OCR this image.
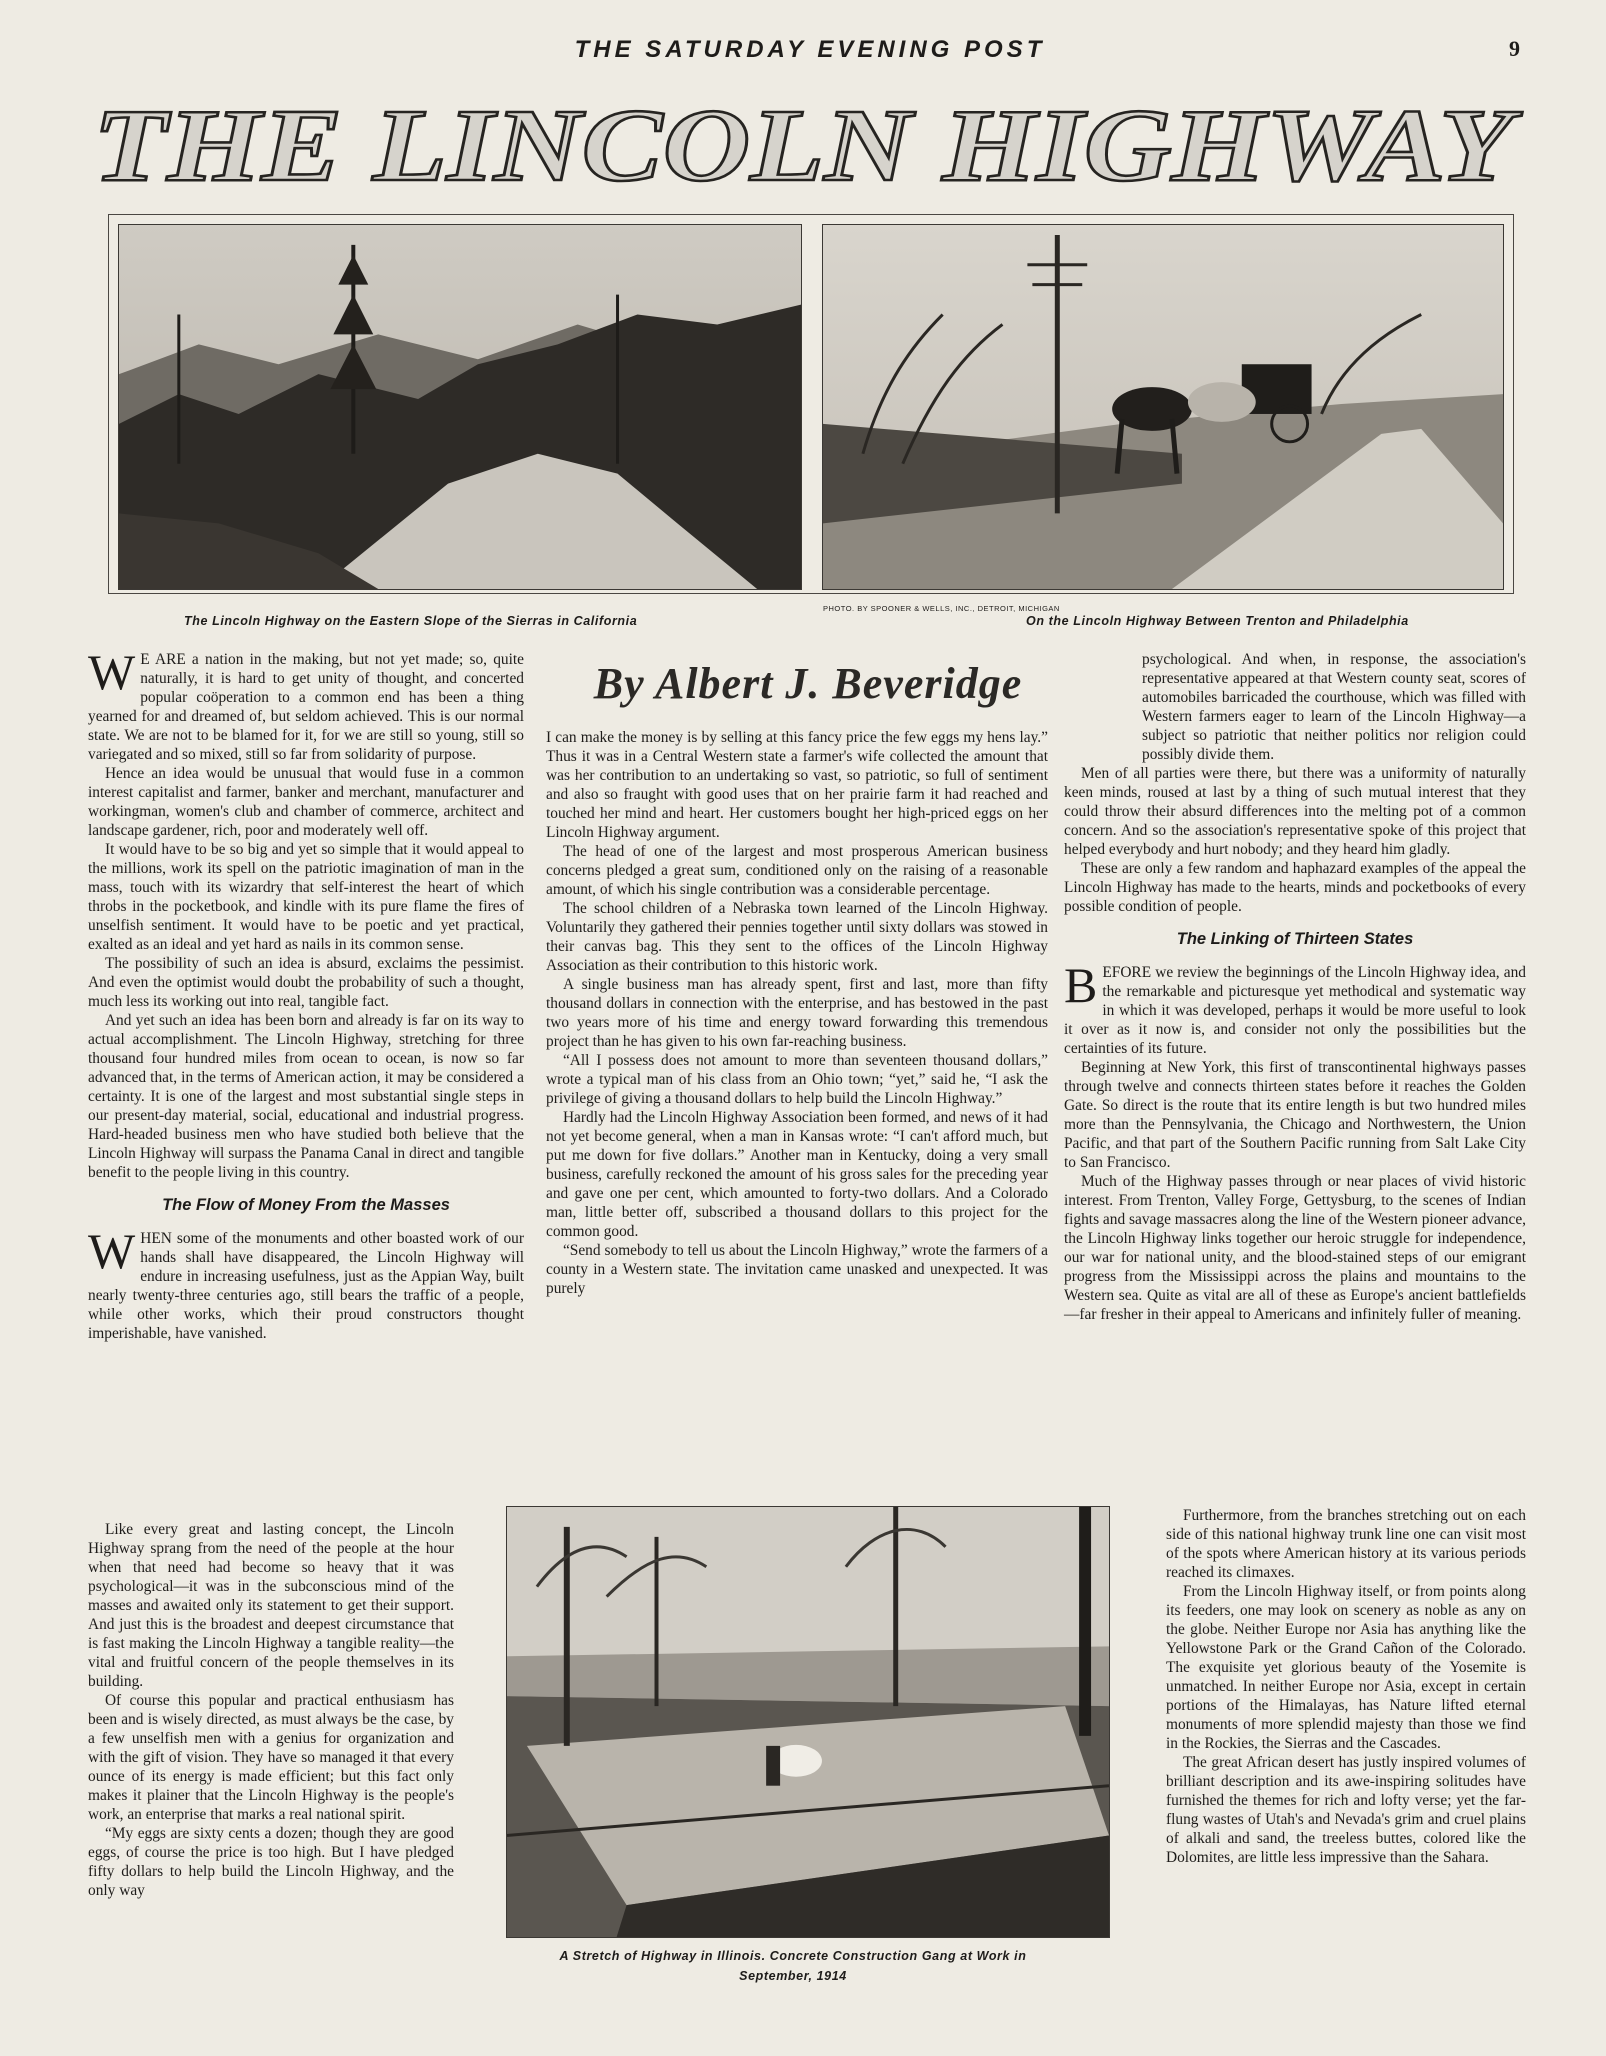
THE SATURDAY EVENING POST	9
THE LINCOLN HIGHWAY
The Lincoln Highway on the Eastern Slope of the Sierras in California
PHOTO. BY SPOONER & WELLS, INC., DETROIT, MICHIGAN
On the Lincoln Highway Between Trenton and Philadelphia
By Albert J. Beveridge

W E ARE a nation in the making, but not yet made; so, quite naturally, it is hard to get unity of thought, and concerted popular coöperation to a common end has been a thing yearned for and dreamed of, but seldom achieved. This is our normal state. We are not to be blamed for it, for we are still so young, still so variegated and so mixed, still so far from solidarity of purpose.

Hence an idea would be unusual that would fuse in a common interest capitalist and farmer, banker and merchant, manufacturer and workingman, women's club and chamber of commerce, architect and landscape gardener, rich, poor and moderately well off.

It would have to be so big and yet so simple that it would appeal to the millions, work its spell on the patriotic imagination of man in the mass, touch with its wizardry that self-interest the heart of which throbs in the pocketbook, and kindle with its pure flame the fires of unselfish sentiment. It would have to be poetic and yet practical, exalted as an ideal and yet hard as nails in its common sense.

The possibility of such an idea is absurd, exclaims the pessimist. And even the optimist would doubt the probability of such a thought, much less its working out into real, tangible fact.

And yet such an idea has been born and already is far on its way to actual accomplishment. The Lincoln Highway, stretching for three thousand four hundred miles from ocean to ocean, is now so far advanced that, in the terms of American action, it may be considered a certainty. It is one of the largest and most substantial single steps in our present-day material, social, educational and industrial progress. Hard-headed business men who have studied both believe that the Lincoln Highway will surpass the Panama Canal in direct and tangible benefit to the people living in this country.

The Flow of Money From the Masses

WHEN some of the monuments and other boasted work of our hands shall have disappeared, the Lincoln Highway will endure in increasing usefulness, just as the Appian Way, built nearly twenty-three centuries ago, still bears the traffic of a people, while other works, which their proud constructors thought imperishable, have vanished.

Like every great and lasting concept, the Lincoln Highway sprang from the need of the people at the hour when that need had become so heavy that it was psychological—it was in the subconscious mind of the masses and awaited only its statement to get their support. And just this is the broadest and deepest circumstance that is fast making the Lincoln Highway a tangible reality—the vital and fruitful concern of the people themselves in its building.

Of course this popular and practical enthusiasm has been and is wisely directed, as must always be the case, by a few unselfish men with a genius for organization and with the gift of vision. They have so managed it that every ounce of its energy is made efficient; but this fact only makes it plainer that the Lincoln Highway is the people's work, an enterprise that marks a real national spirit.

“My eggs are sixty cents a dozen; though they are good eggs, of course the price is too high. But I have pledged fifty dollars to help build the Lincoln Highway, and the only way

I can make the money is by selling at this fancy price the few eggs my hens lay.” Thus it was in a Central Western state a farmer's wife collected the amount that was her contribution to an undertaking so vast, so patriotic, so full of sentiment and also so fraught with good uses that on her prairie farm it had reached and touched her mind and heart. Her customers bought her high-priced eggs on her Lincoln Highway argument.

The head of one of the largest and most prosperous American business concerns pledged a great sum, conditioned only on the raising of a reasonable amount, of which his single contribution was a considerable percentage.

The school children of a Nebraska town learned of the Lincoln Highway. Voluntarily they gathered their pennies together until sixty dollars was stowed in their canvas bag. This they sent to the offices of the Lincoln Highway Association as their contribution to this historic work.

A single business man has already spent, first and last, more than fifty thousand dollars in connection with the enterprise, and has bestowed in the past two years more of his time and energy toward forwarding this tremendous project than he has given to his own far-reaching business.

“All I possess does not amount to more than seventeen thousand dollars,” wrote a typical man of his class from an Ohio town; “yet,” said he, “I ask the privilege of giving a thousand dollars to help build the Lincoln Highway.”

Hardly had the Lincoln Highway Association been formed, and news of it had not yet become general, when a man in Kansas wrote: “I can't afford much, but put me down for five dollars.” Another man in Kentucky, doing a very small business, carefully reckoned the amount of his gross sales for the preceding year and gave one per cent, which amounted to forty-two dollars. And a Colorado man, little better off, subscribed a thousand dollars to this project for the common good.

“Send somebody to tell us about the Lincoln Highway,” wrote the farmers of a county in a Western state. The invitation came unasked and unexpected. It was purely

psychological. And when, in response, the association's representative appeared at that Western county seat, scores of automobiles barricaded the courthouse, which was filled with Western farmers eager to learn of the Lincoln Highway—a subject so patriotic that neither politics nor religion could possibly divide them.

Men of all parties were there, but there was a uniformity of naturally keen minds, roused at last by a thing of such mutual interest that they could throw their absurd differences into the melting pot of a common concern. And so the association's representative spoke of this project that helped everybody and hurt nobody; and they heard him gladly.

These are only a few random and haphazard examples of the appeal the Lincoln Highway has made to the hearts, minds and pocketbooks of every possible condition of people.

The Linking of Thirteen States

BEFORE we review the beginnings of the Lincoln Highway idea, and the remarkable and picturesque yet methodical and systematic way in which it was developed, perhaps it would be more useful to look it over as it now is, and consider not only the possibilities but the certainties of its future.

Beginning at New York, this first of transcontinental highways passes through twelve and connects thirteen states before it reaches the Golden Gate. So direct is the route that its entire length is but two hundred miles more than the Pennsylvania, the Chicago and Northwestern, the Union Pacific, and that part of the Southern Pacific running from Salt Lake City to San Francisco.

Much of the Highway passes through or near places of vivid historic interest. From Trenton, Valley Forge, Gettysburg, to the scenes of Indian fights and savage massacres along the line of the Western pioneer advance, the Lincoln Highway links together our heroic struggle for independence, our war for national unity, and the blood-stained steps of our emigrant progress from the Mississippi across the plains and mountains to the Western sea. Quite as vital are all of these as Europe's ancient battlefields—far fresher in their appeal to Americans and infinitely fuller of meaning.

Furthermore, from the branches stretching out on each side of this national highway trunk line one can visit most of the spots where American history at its various periods reached its climaxes.

From the Lincoln Highway itself, or from points along its feeders, one may look on scenery as noble as any on the globe. Neither Europe nor Asia has anything like the Yellowstone Park or the Grand Cañon of the Colorado. The exquisite yet glorious beauty of the Yosemite is unmatched. In neither Europe nor Asia, except in certain portions of the Himalayas, has Nature lifted eternal monuments of more splendid majesty than those we find in the Rockies, the Sierras and the Cascades.

The great African desert has justly inspired volumes of brilliant description and its awe-inspiring solitudes have furnished the themes for rich and lofty verse; yet the far-flung wastes of Utah's and Nevada's grim and cruel plains of alkali and sand, the treeless buttes, colored like the Dolomites, are little less impressive than the Sahara.

A Stretch of Highway in Illinois. Concrete Construction Gang at Work in
September, 1914
